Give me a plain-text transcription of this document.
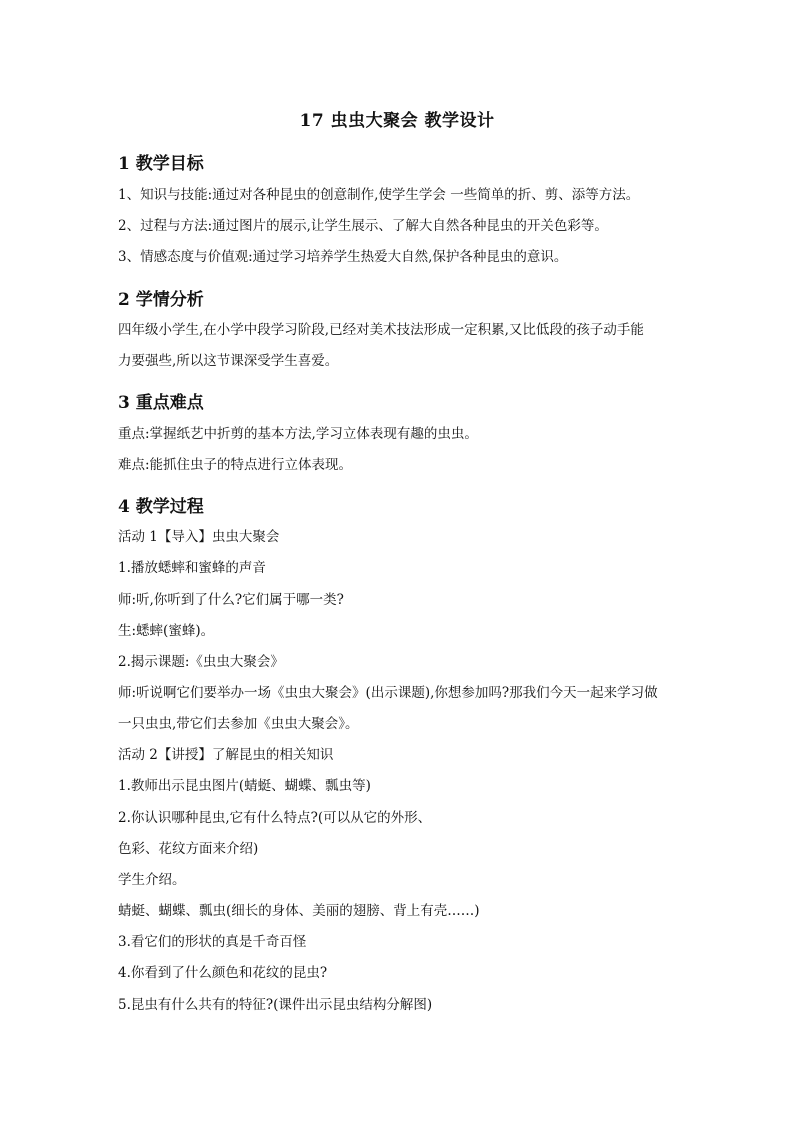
17 虫虫大聚会 教学设计
1 教学目标
1、知识与技能:通过对各种昆虫的创意制作,使学生学会 一些简单的折、剪、添等方法。
2、过程与方法:通过图片的展示,让学生展示、了解大自然各种昆虫的开关色彩等。
3、情感态度与价值观:通过学习培养学生热爱大自然,保护各种昆虫的意识。
2 学情分析
四年级小学生,在小学中段学习阶段,已经对美术技法形成一定积累,又比低段的孩子动手能
力要强些,所以这节课深受学生喜爱。
3 重点难点
重点:掌握纸艺中折剪的基本方法,学习立体表现有趣的虫虫。
难点:能抓住虫子的特点进行立体表现。
4 教学过程
活动 1【导入】虫虫大聚会
1.播放蟋蟀和蜜蜂的声音
师:听,你听到了什么?它们属于哪一类?
生:蟋蟀(蜜蜂)。
2.揭示课题:《虫虫大聚会》
师:听说啊它们要举办一场《虫虫大聚会》(出示课题),你想参加吗?那我们今天一起来学习做
一只虫虫,带它们去参加《虫虫大聚会》。
活动 2【讲授】了解昆虫的相关知识
1.教师出示昆虫图片(蜻蜓、蝴蝶、瓢虫等)
2.你认识哪种昆虫,它有什么特点?(可以从它的外形、
色彩、花纹方面来介绍)
学生介绍。
蜻蜓、蝴蝶、瓢虫(细长的身体、美丽的翅膀、背上有壳……)
3.看它们的形状的真是千奇百怪
4.你看到了什么颜色和花纹的昆虫?
5.昆虫有什么共有的特征?(课件出示昆虫结构分解图)
